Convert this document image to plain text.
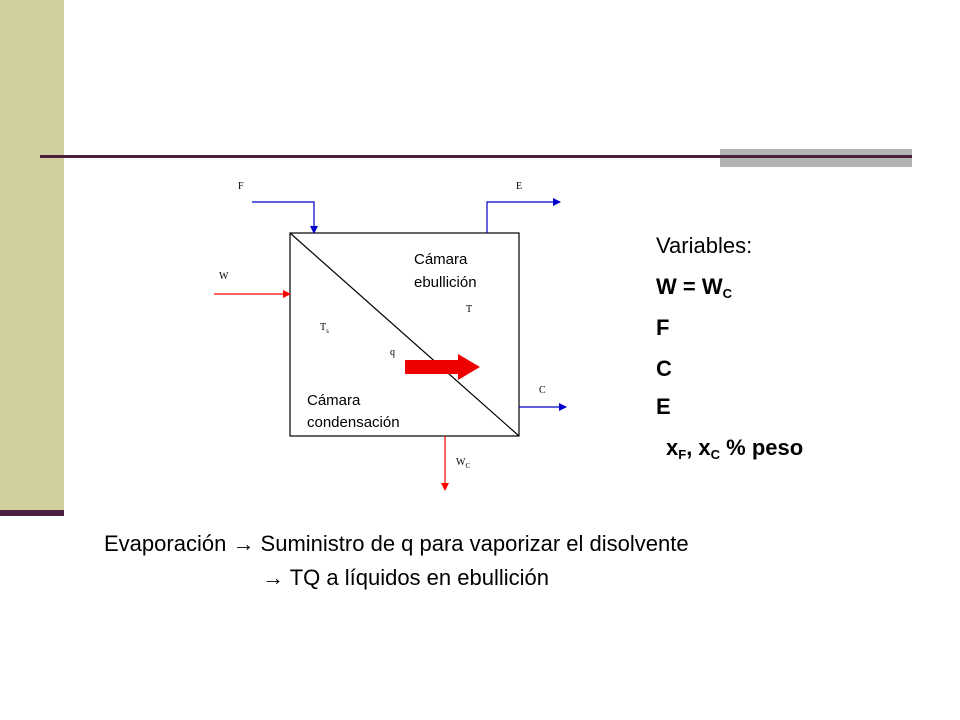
F	E
W
C
T
$T_s$
q
$W_C$
Cámara
ebullición
Cámara
condensación
Variables:
$W = W_C$
F
C
E
$x_F$, $x_C$ % peso
Evaporación → Suministro de q para vaporizar el disolvente
→ TQ a líquidos en ebullición
